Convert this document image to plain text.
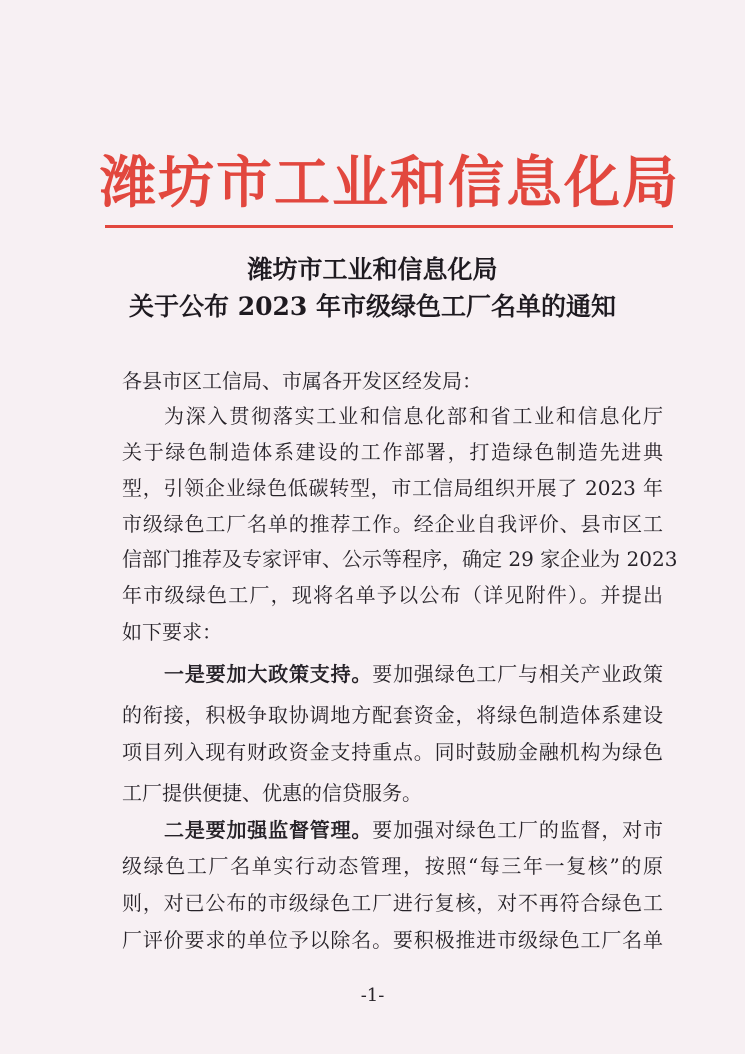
潍坊市工业和信息化局
潍坊市工业和信息化局
关于公布 2023 年市级绿色工厂名单的通知
各县市区工信局、市属各开发区经发局：
为深入贯彻落实工业和信息化部和省工业和信息化厅
关于绿色制造体系建设的工作部署，打造绿色制造先进典
型，引领企业绿色低碳转型，市工信局组织开展了 2023 年
市级绿色工厂名单的推荐工作。经企业自我评价、县市区工
信部门推荐及专家评审、公示等程序，确定 29 家企业为 2023
年市级绿色工厂，现将名单予以公布（详见附件）。并提出
如下要求：
一是要加大政策支持。要加强绿色工厂与相关产业政策
的衔接，积极争取协调地方配套资金，将绿色制造体系建设
项目列入现有财政资金支持重点。同时鼓励金融机构为绿色
工厂提供便捷、优惠的信贷服务。
二是要加强监督管理。要加强对绿色工厂的监督，对市
级绿色工厂名单实行动态管理，按照“每三年一复核”的原
则，对已公布的市级绿色工厂进行复核，对不再符合绿色工
厂评价要求的单位予以除名。要积极推进市级绿色工厂名单
-1-
